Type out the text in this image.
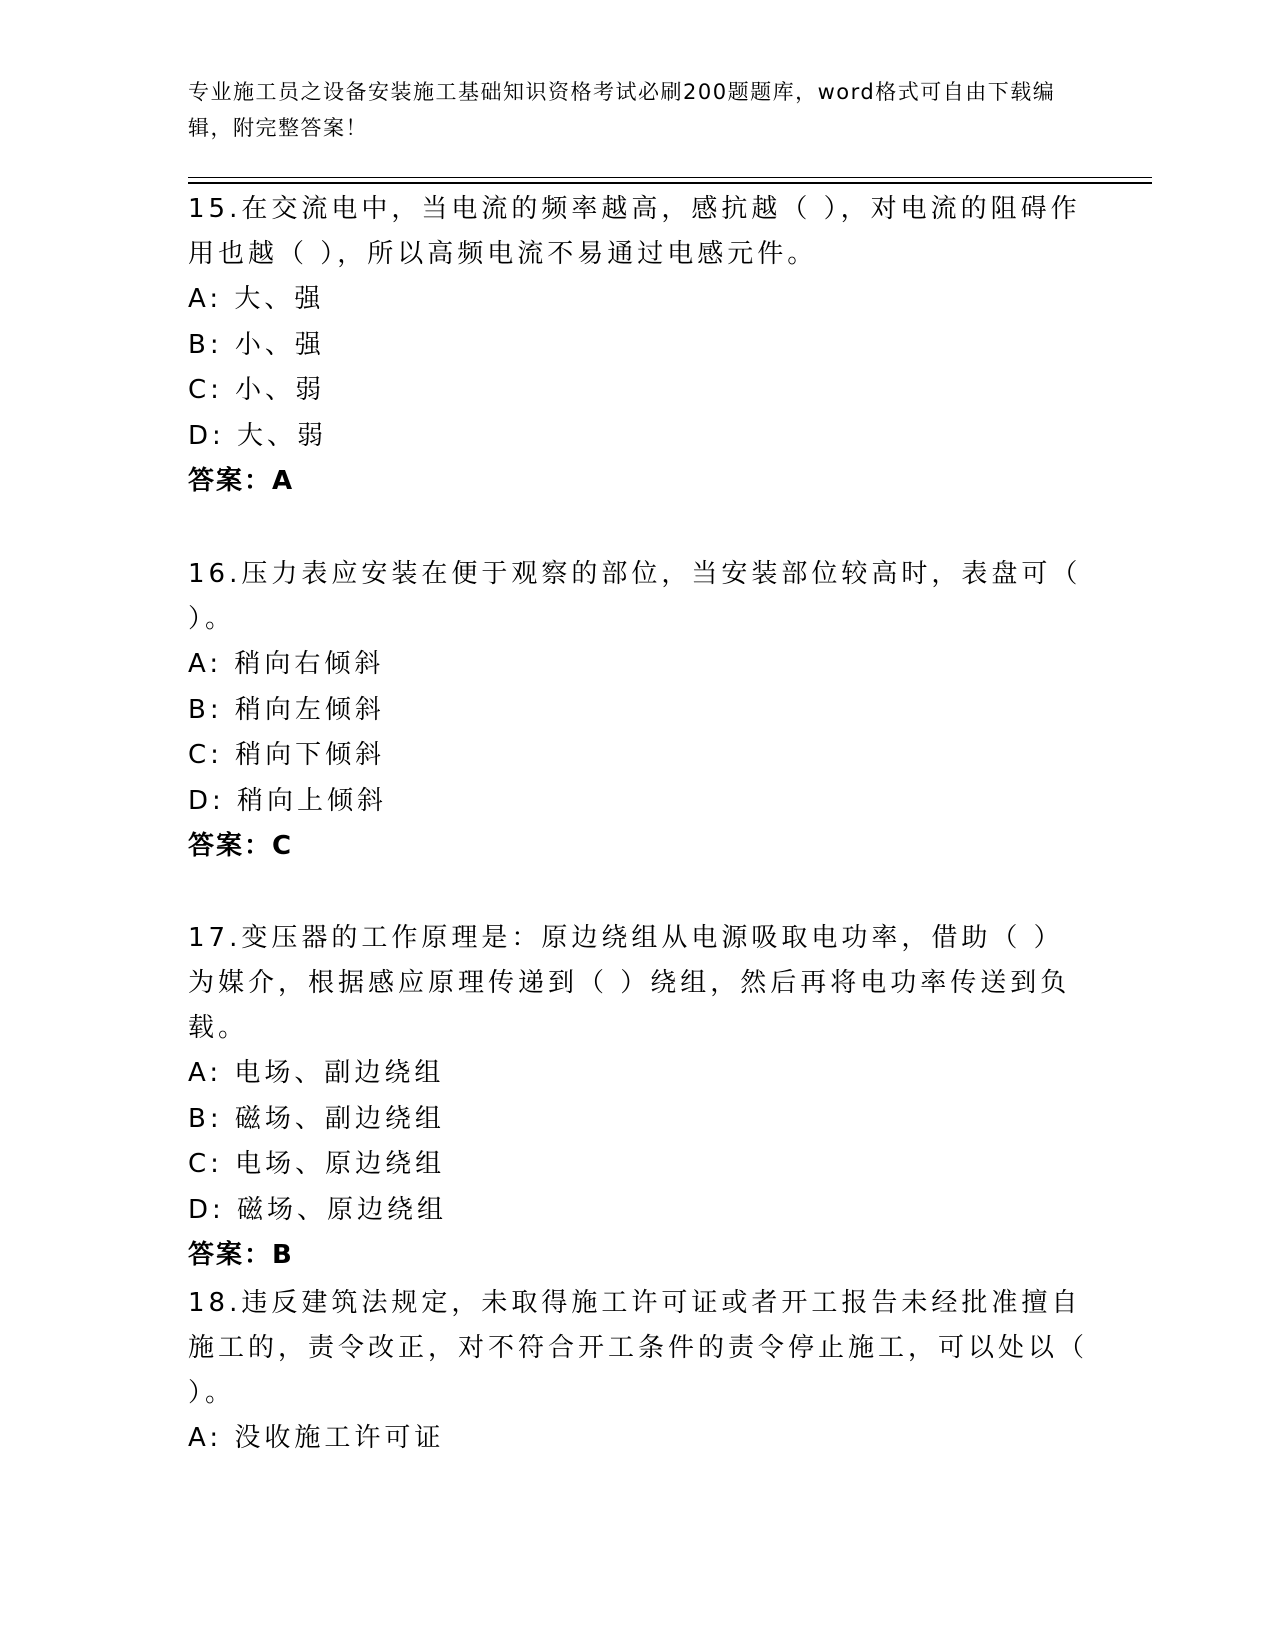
专业施工员之设备安装施工基础知识资格考试必刷200题题库，word格式可自由下载编辑，附完整答案！

15.在交流电中，当电流的频率越高，感抗越（ ），对电流的阻碍作用也越（ ），所以高频电流不易通过电感元件。

A: 大、强

B: 小、强

C: 小、弱

D: 大、弱

答案：A

16.压力表应安装在便于观察的部位，当安装部位较高时，表盘可（ ）。

A: 稍向右倾斜

B: 稍向左倾斜

C: 稍向下倾斜

D: 稍向上倾斜

答案：C

17.变压器的工作原理是：原边绕组从电源吸取电功率，借助（ ）为媒介，根据感应原理传递到（ ）绕组，然后再将电功率传送到负载。

A: 电场、副边绕组

B: 磁场、副边绕组

C: 电场、原边绕组

D: 磁场、原边绕组

答案：B

18.违反建筑法规定，未取得施工许可证或者开工报告未经批准擅自施工的，责令改正，对不符合开工条件的责令停止施工，可以处以（ ）。

A: 没收施工许可证
